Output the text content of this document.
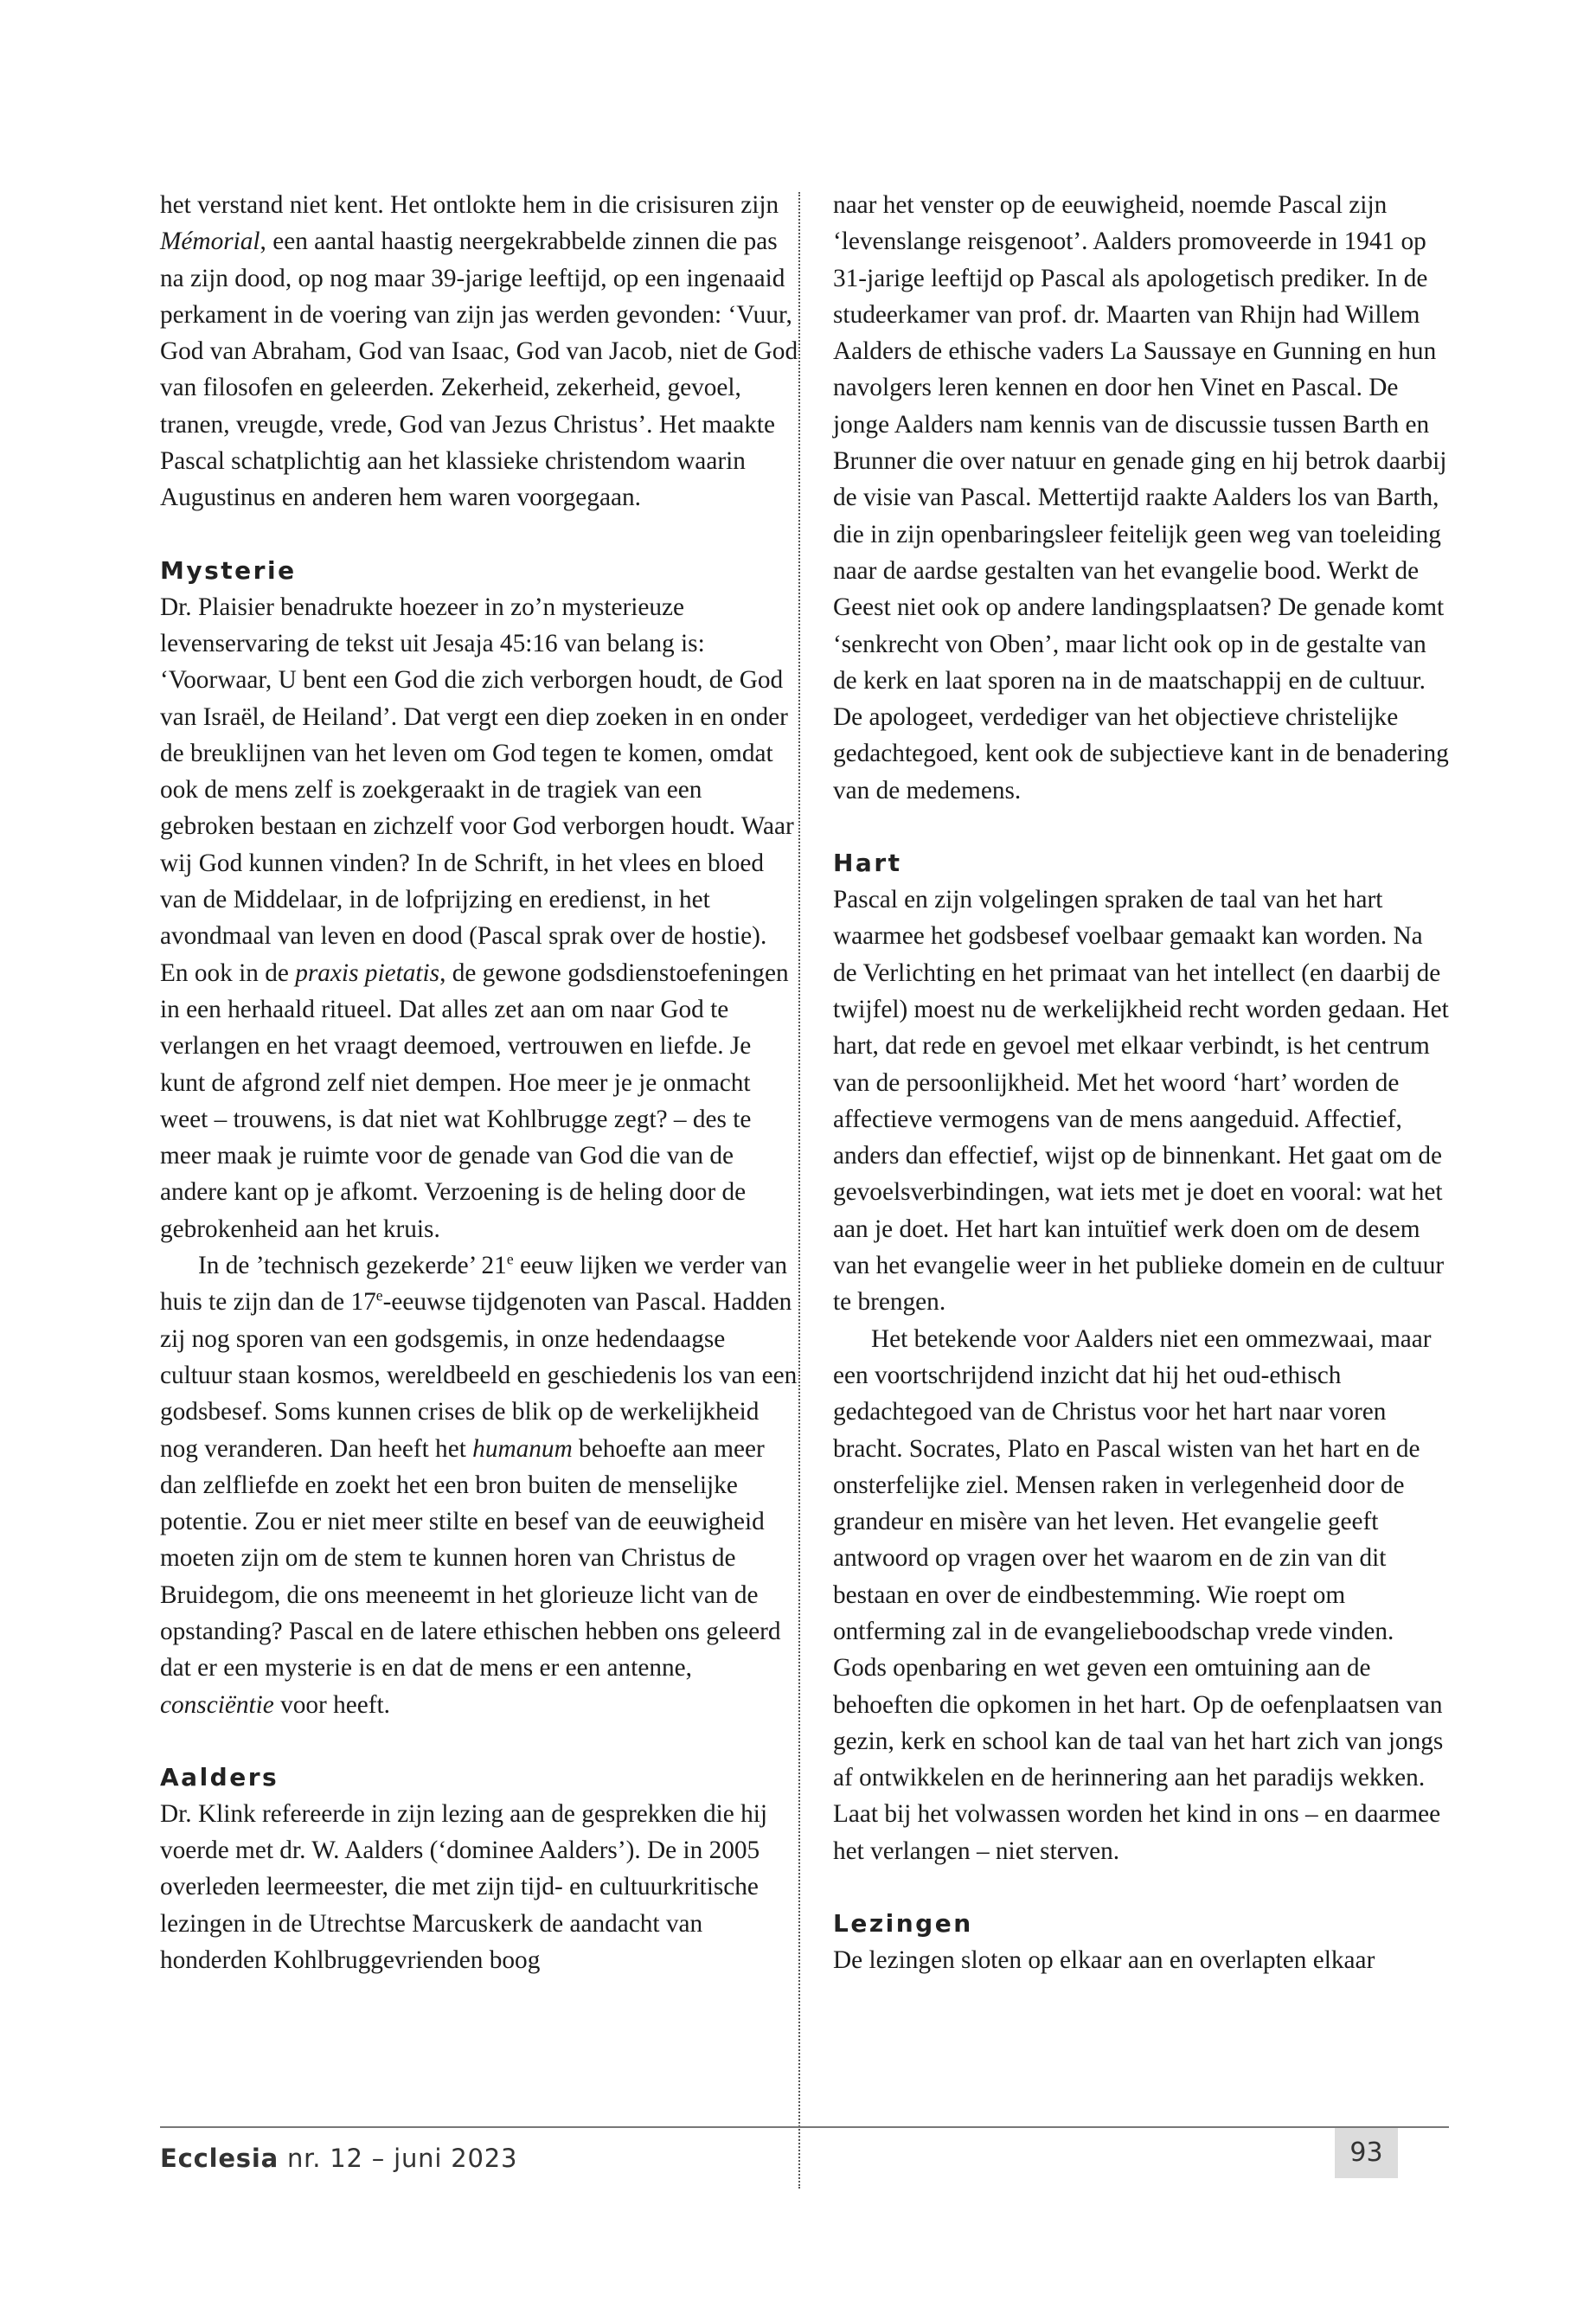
het verstand niet kent. Het ontlokte hem in die crisisuren zijn Mémorial, een aantal haastig neergekrabbelde zinnen die pas na zijn dood, op nog maar 39-jarige leeftijd, op een ingenaaid perkament in de voering van zijn jas werden gevonden: ‘Vuur, God van Abraham, God van Isaac, God van Jacob, niet de God van filosofen en geleerden. Zekerheid, zekerheid, gevoel, tranen, vreugde, vrede, God van Jezus Christus’. Het maakte Pascal schatplichtig aan het klassieke christendom waarin Augustinus en anderen hem waren voorgegaan.

Mysterie

Dr. Plaisier benadrukte hoezeer in zo’n mysterieuze levenservaring de tekst uit Jesaja 45:16 van belang is: ‘Voorwaar, U bent een God die zich verborgen houdt, de God van Israël, de Heiland’. Dat vergt een diep zoeken in en onder de breuklijnen van het leven om God tegen te komen, omdat ook de mens zelf is zoekgeraakt in de tragiek van een gebroken bestaan en zichzelf voor God verborgen houdt. Waar wij God kunnen vinden? In de Schrift, in het vlees en bloed van de Middelaar, in de lofprijzing en eredienst, in het avondmaal van leven en dood (Pascal sprak over de hostie). En ook in de praxis pietatis, de gewone godsdienstoefeningen in een herhaald ritueel. Dat alles zet aan om naar God te verlangen en het vraagt deemoed, vertrouwen en liefde. Je kunt de afgrond zelf niet dempen. Hoe meer je je onmacht weet – trouwens, is dat niet wat Kohlbrugge zegt? – des te meer maak je ruimte voor de genade van God die van de andere kant op je afkomt. Verzoening is de heling door de gebrokenheid aan het kruis.

In de ’technisch gezekerde’ 21e eeuw lijken we verder van huis te zijn dan de 17e-eeuwse tijdgenoten van Pascal. Hadden zij nog sporen van een godsgemis, in onze hedendaagse cultuur staan kosmos, wereldbeeld en geschiedenis los van een godsbesef. Soms kunnen crises de blik op de werkelijkheid nog veranderen. Dan heeft het humanum behoefte aan meer dan zelfliefde en zoekt het een bron buiten de menselijke potentie. Zou er niet meer stilte en besef van de eeuwigheid moeten zijn om de stem te kunnen horen van Christus de Bruidegom, die ons meeneemt in het glorieuze licht van de opstanding? Pascal en de latere ethischen hebben ons geleerd dat er een mysterie is en dat de mens er een antenne, consciëntie voor heeft.

Aalders

Dr. Klink refereerde in zijn lezing aan de gesprekken die hij voerde met dr. W. Aalders (‘dominee Aalders’). De in 2005 overleden leermeester, die met zijn tijd- en cultuurkritische lezingen in de Utrechtse Marcuskerk de aandacht van honderden Kohlbruggevrienden boog

naar het venster op de eeuwigheid, noemde Pascal zijn ‘levenslange reisgenoot’. Aalders promoveerde in 1941 op 31-jarige leeftijd op Pascal als apologetisch prediker. In de studeerkamer van prof. dr. Maarten van Rhijn had Willem Aalders de ethische vaders La Saussaye en Gunning en hun navolgers leren kennen en door hen Vinet en Pascal. De jonge Aalders nam kennis van de discussie tussen Barth en Brunner die over natuur en genade ging en hij betrok daarbij de visie van Pascal. Mettertijd raakte Aalders los van Barth, die in zijn openbaringsleer feitelijk geen weg van toeleiding naar de aardse gestalten van het evangelie bood. Werkt de Geest niet ook op andere landingsplaatsen? De genade komt ‘senkrecht von Oben’, maar licht ook op in de gestalte van de kerk en laat sporen na in de maatschappij en de cultuur. De apologeet, verdediger van het objectieve christelijke gedachtegoed, kent ook de subjectieve kant in de benadering van de medemens.

Hart

Pascal en zijn volgelingen spraken de taal van het hart waarmee het godsbesef voelbaar gemaakt kan worden. Na de Verlichting en het primaat van het intellect (en daarbij de twijfel) moest nu de werkelijkheid recht worden gedaan. Het hart, dat rede en gevoel met elkaar verbindt, is het centrum van de persoonlijkheid. Met het woord ‘hart’ worden de affectieve vermogens van de mens aangeduid. Affectief, anders dan effectief, wijst op de binnenkant. Het gaat om de gevoelsverbindingen, wat iets met je doet en vooral: wat het aan je doet. Het hart kan intuïtief werk doen om de desem van het evangelie weer in het publieke domein en de cultuur te brengen.

Het betekende voor Aalders niet een ommezwaai, maar een voortschrijdend inzicht dat hij het oud-ethisch gedachtegoed van de Christus voor het hart naar voren bracht. Socrates, Plato en Pascal wisten van het hart en de onsterfelijke ziel. Mensen raken in verlegenheid door de grandeur en misère van het leven. Het evangelie geeft antwoord op vragen over het waarom en de zin van dit bestaan en over de eindbestemming. Wie roept om ontferming zal in de evangelieboodschap vrede vinden. Gods openbaring en wet geven een omtuining aan de behoeften die opkomen in het hart. Op de oefenplaatsen van gezin, kerk en school kan de taal van het hart zich van jongs af ontwikkelen en de herinnering aan het paradijs wekken. Laat bij het volwassen worden het kind in ons – en daarmee het verlangen – niet sterven.

Lezingen

De lezingen sloten op elkaar aan en overlapten elkaar

Ecclesia nr. 12 – juni 2023	93
